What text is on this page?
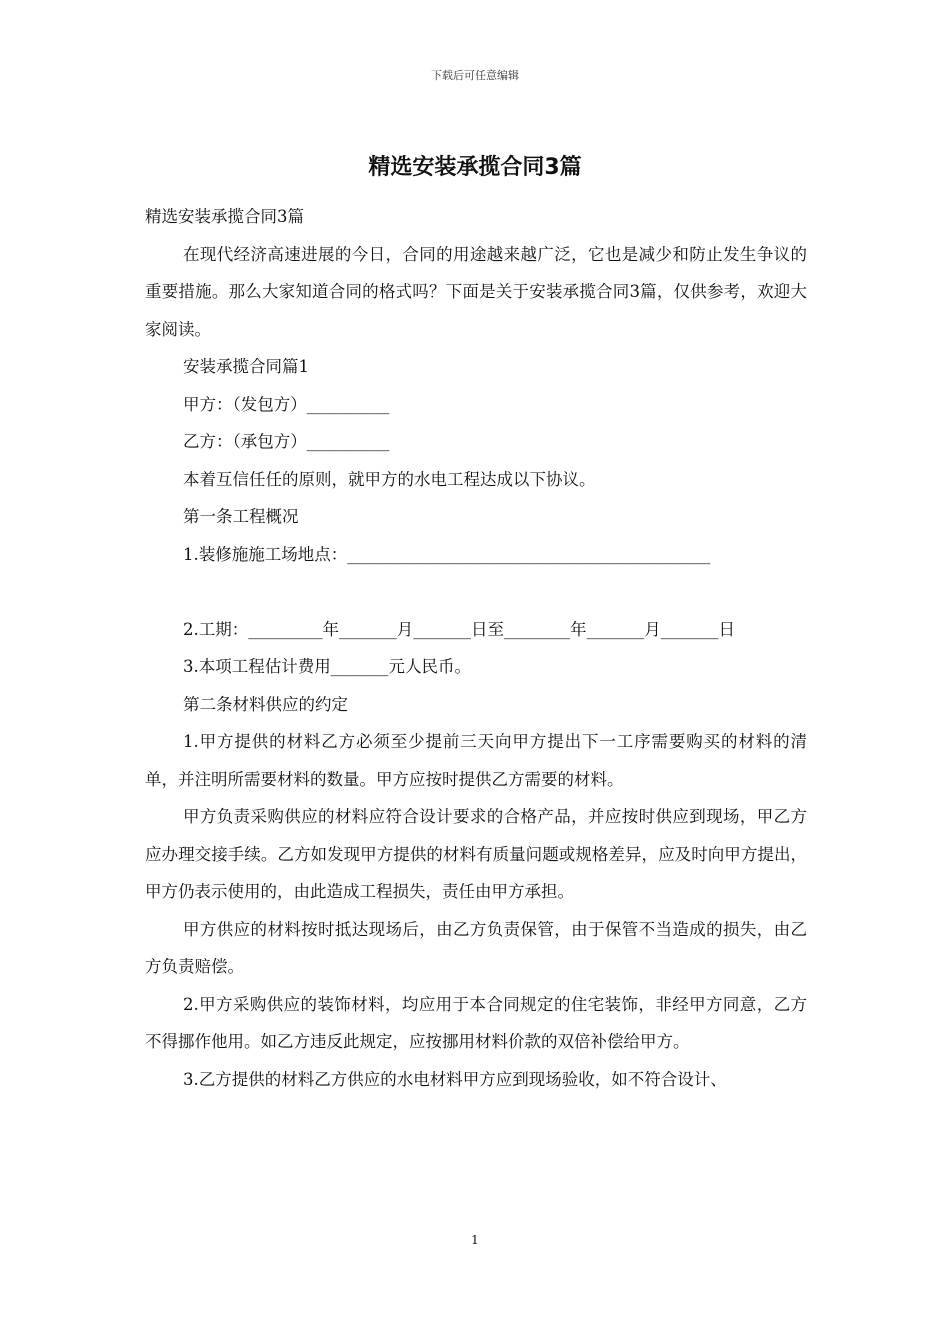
下载后可任意编辑
精选安装承揽合同3篇

精选安装承揽合同3篇

在现代经济高速进展的今日，合同的用途越来越广泛，它也是减少和防止发生争议的重要措施。那么大家知道合同的格式吗？下面是关于安装承揽合同3篇，仅供参考，欢迎大家阅读。

安装承揽合同篇1

甲方：（发包方）__________

乙方：（承包方）__________

本着互信任任的原则，就甲方的水电工程达成以下协议。

第一条工程概况

1.装修施施工场地点：____________________________________________

2.工期：_________年_______月_______日至________年_______月_______日

3.本项工程估计费用_______元人民币。

第二条材料供应的约定

1.甲方提供的材料乙方必须至少提前三天向甲方提出下一工序需要购买的材料的清单，并注明所需要材料的数量。甲方应按时提供乙方需要的材料。

甲方负责采购供应的材料应符合设计要求的合格产品，并应按时供应到现场，甲乙方应办理交接手续。乙方如发现甲方提供的材料有质量问题或规格差异，应及时向甲方提出，甲方仍表示使用的，由此造成工程损失，责任由甲方承担。

甲方供应的材料按时抵达现场后，由乙方负责保管，由于保管不当造成的损失，由乙方负责赔偿。

2.甲方采购供应的装饰材料，均应用于本合同规定的住宅装饰，非经甲方同意，乙方不得挪作他用。如乙方违反此规定，应按挪用材料价款的双倍补偿给甲方。

3.乙方提供的材料乙方供应的水电材料甲方应到现场验收，如不符合设计、

1
